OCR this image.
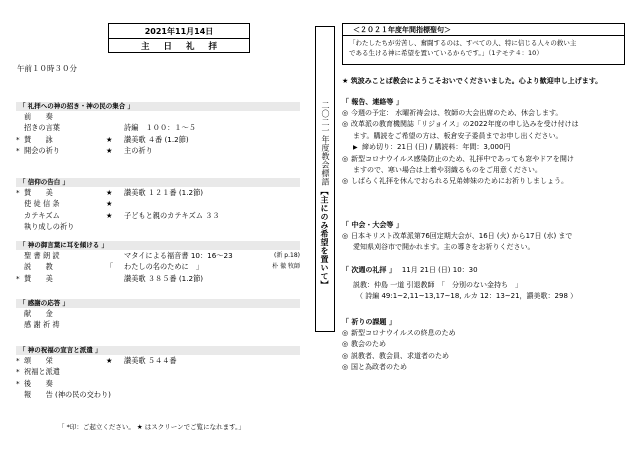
2021年11月14日
主日礼拝
午前１０時３０分
「 礼拝への神の招き・神の民の集合 」
前　　奏
招きの言葉	詩編　１００：１～５
* 賛　　詠	★ 讃美歌 ４番 (1.2節)
* 開会の祈り	★ 主の祈り
「 信仰の告白 」
* 賛　　美	★ 讃美歌 １２１番 (1.2節)
使 徒 信 条	★
カテキズム	★ 子どもと親のカテキズム ３３
執り成しの祈り
「 神の御言葉に耳を傾ける 」
聖 書 朗 読	マタイによる福音書 10：16～23	(新 p.18)
説　　教	「 わたしの名のために　」	朴 徹 牧師
* 賛　　美	讃美歌 ３８５番 (1.2節)
「 感謝の応答 」
献　　金
感 謝 祈 祷
「 神の祝福の宣言と派遣 」
* 頌　　栄	★ 讃美歌 ５４４番
* 祝福と派遣
* 後　　奏
報　　告 (神の民の交わり)
「 *印：ご起立ください。 ★ はスクリーンでご覧になれます。」
二〇二一年度教会標語
【主にのみ希望を置いて】
＜２０２１年度年間指標聖句＞
「わたしたちが労苦し、奮闘するのは、すべての人、特に信じる人々の救い主
である生ける神に希望を置いているからです。」（1テモテ４：10）
★ 筑波みことば教会にようこそおいでくださいました。心より歓迎申し上げます。
「 報告、連絡等 」
◎ 今週の予定： 水曜祈祷会は、牧師の大会出席のため、休会します。
◎ 改革派の教育機関誌「リジョイス」の2022年度の申し込みを受け付けは
ます。購読をご希望の方は、板倉安子委員までお申し出ください。
▶ 締め切り：21日 (日) / 購読料：年間：3,000円
◎ 新型コロナウイルス感染防止のため、礼拝中であっても窓やドアを開け
ますので、寒い場合は上着や羽織るものをご用意ください。
◎ しばらく礼拝を休んでおられる兄弟姉妹のためにお祈りしましょう。
「 中会・大会等 」
◎ 日本キリスト改革派第76回定期大会が、16日 (火) から17日 (水) まで
愛知県刈谷市で開かれます。主の導きをお祈りください。
「 次週の礼拝 」　 11月 21日 (日) 10：30
説教：仲島 一道 引退教師　「　分別のない金持ち　」
（ 詩編 49:1~2,11~13,17~18, ルカ 12：13~21，讃美歌：298 ）
「 祈りの課題 」
◎ 新型コロナウイルスの終息のため
◎ 教会のため
◎ 説教者、教会員、求道者のため
◎ 国と為政者のため
